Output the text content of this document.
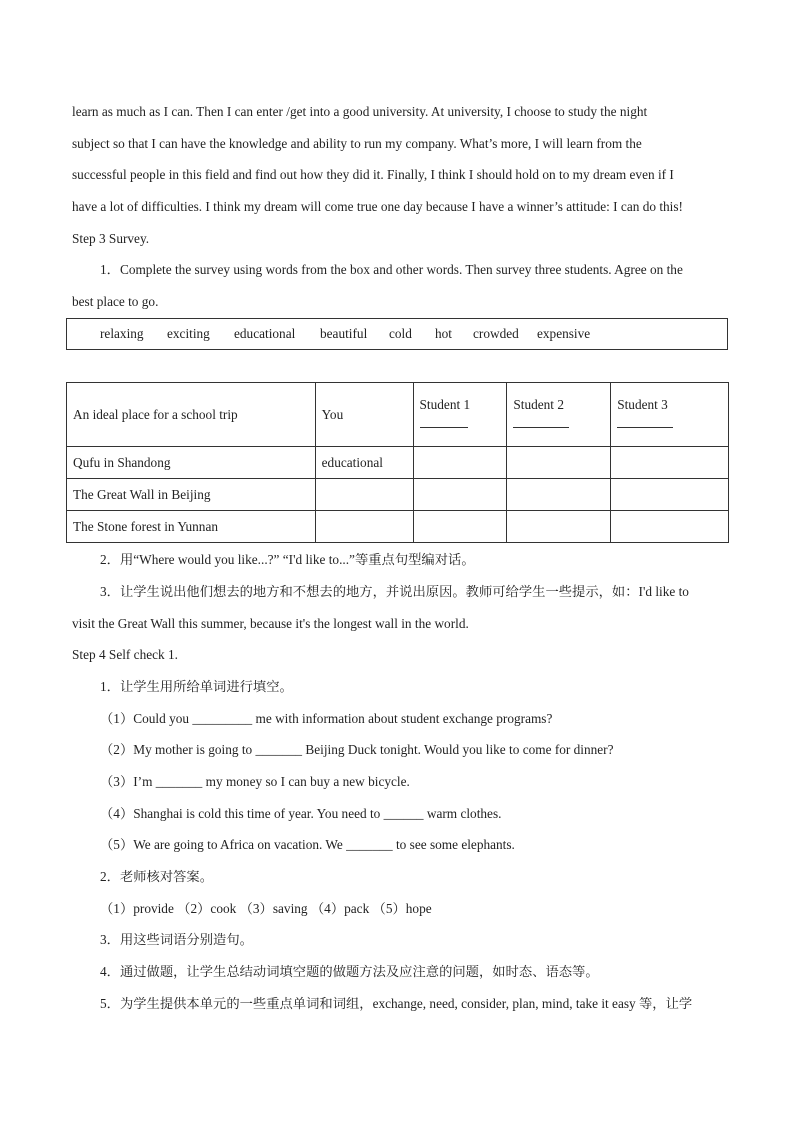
learn as much as I can. Then I can enter /get into a good university. At university, I choose to study the night
subject so that I can have the knowledge and ability to run my company. What’s more, I will learn from the
successful people in this field and find out how they did it. Finally, I think I should hold on to my dream even if I
have a lot of difficulties. I think my dream will come true one day because I have a winner’s attitude: I can do this!
Step 3 Survey.
1．Complete the survey using words from the box and other words. Then survey three students. Agree on the
best place to go.
relaxing exciting educational beautiful cold hot crowded expensive
An ideal place for a school trip	You	Student 1	Student 2	Student 3

Qufu in Shandong	educational			
The Great Wall in Beijing				
The Stone forest in Yunnan				
2．用“Where would you like...?” “I'd like to...”等重点句型编对话。
3．让学生说出他们想去的地方和不想去的地方，并说出原因。教师可给学生一些提示，如：I'd like to
visit the Great Wall this summer, because it's the longest wall in the world.
Step 4 Self check 1.
1．让学生用所给单词进行填空。
（1）Could you _________ me with information about student exchange programs?
（2）My mother is going to _______ Beijing Duck tonight. Would you like to come for dinner?
（3）I’m _______ my money so I can buy a new bicycle.
（4）Shanghai is cold this time of year. You need to ______ warm clothes.
（5）We are going to Africa on vacation. We _______ to see some elephants.
2．老师核对答案。
（1）provide （2）cook （3）saving （4）pack （5）hope
3．用这些词语分别造句。
4．通过做题，让学生总结动词填空题的做题方法及应注意的问题，如时态、语态等。
5．为学生提供本单元的一些重点单词和词组，exchange, need, consider, plan, mind, take it easy 等，让学
